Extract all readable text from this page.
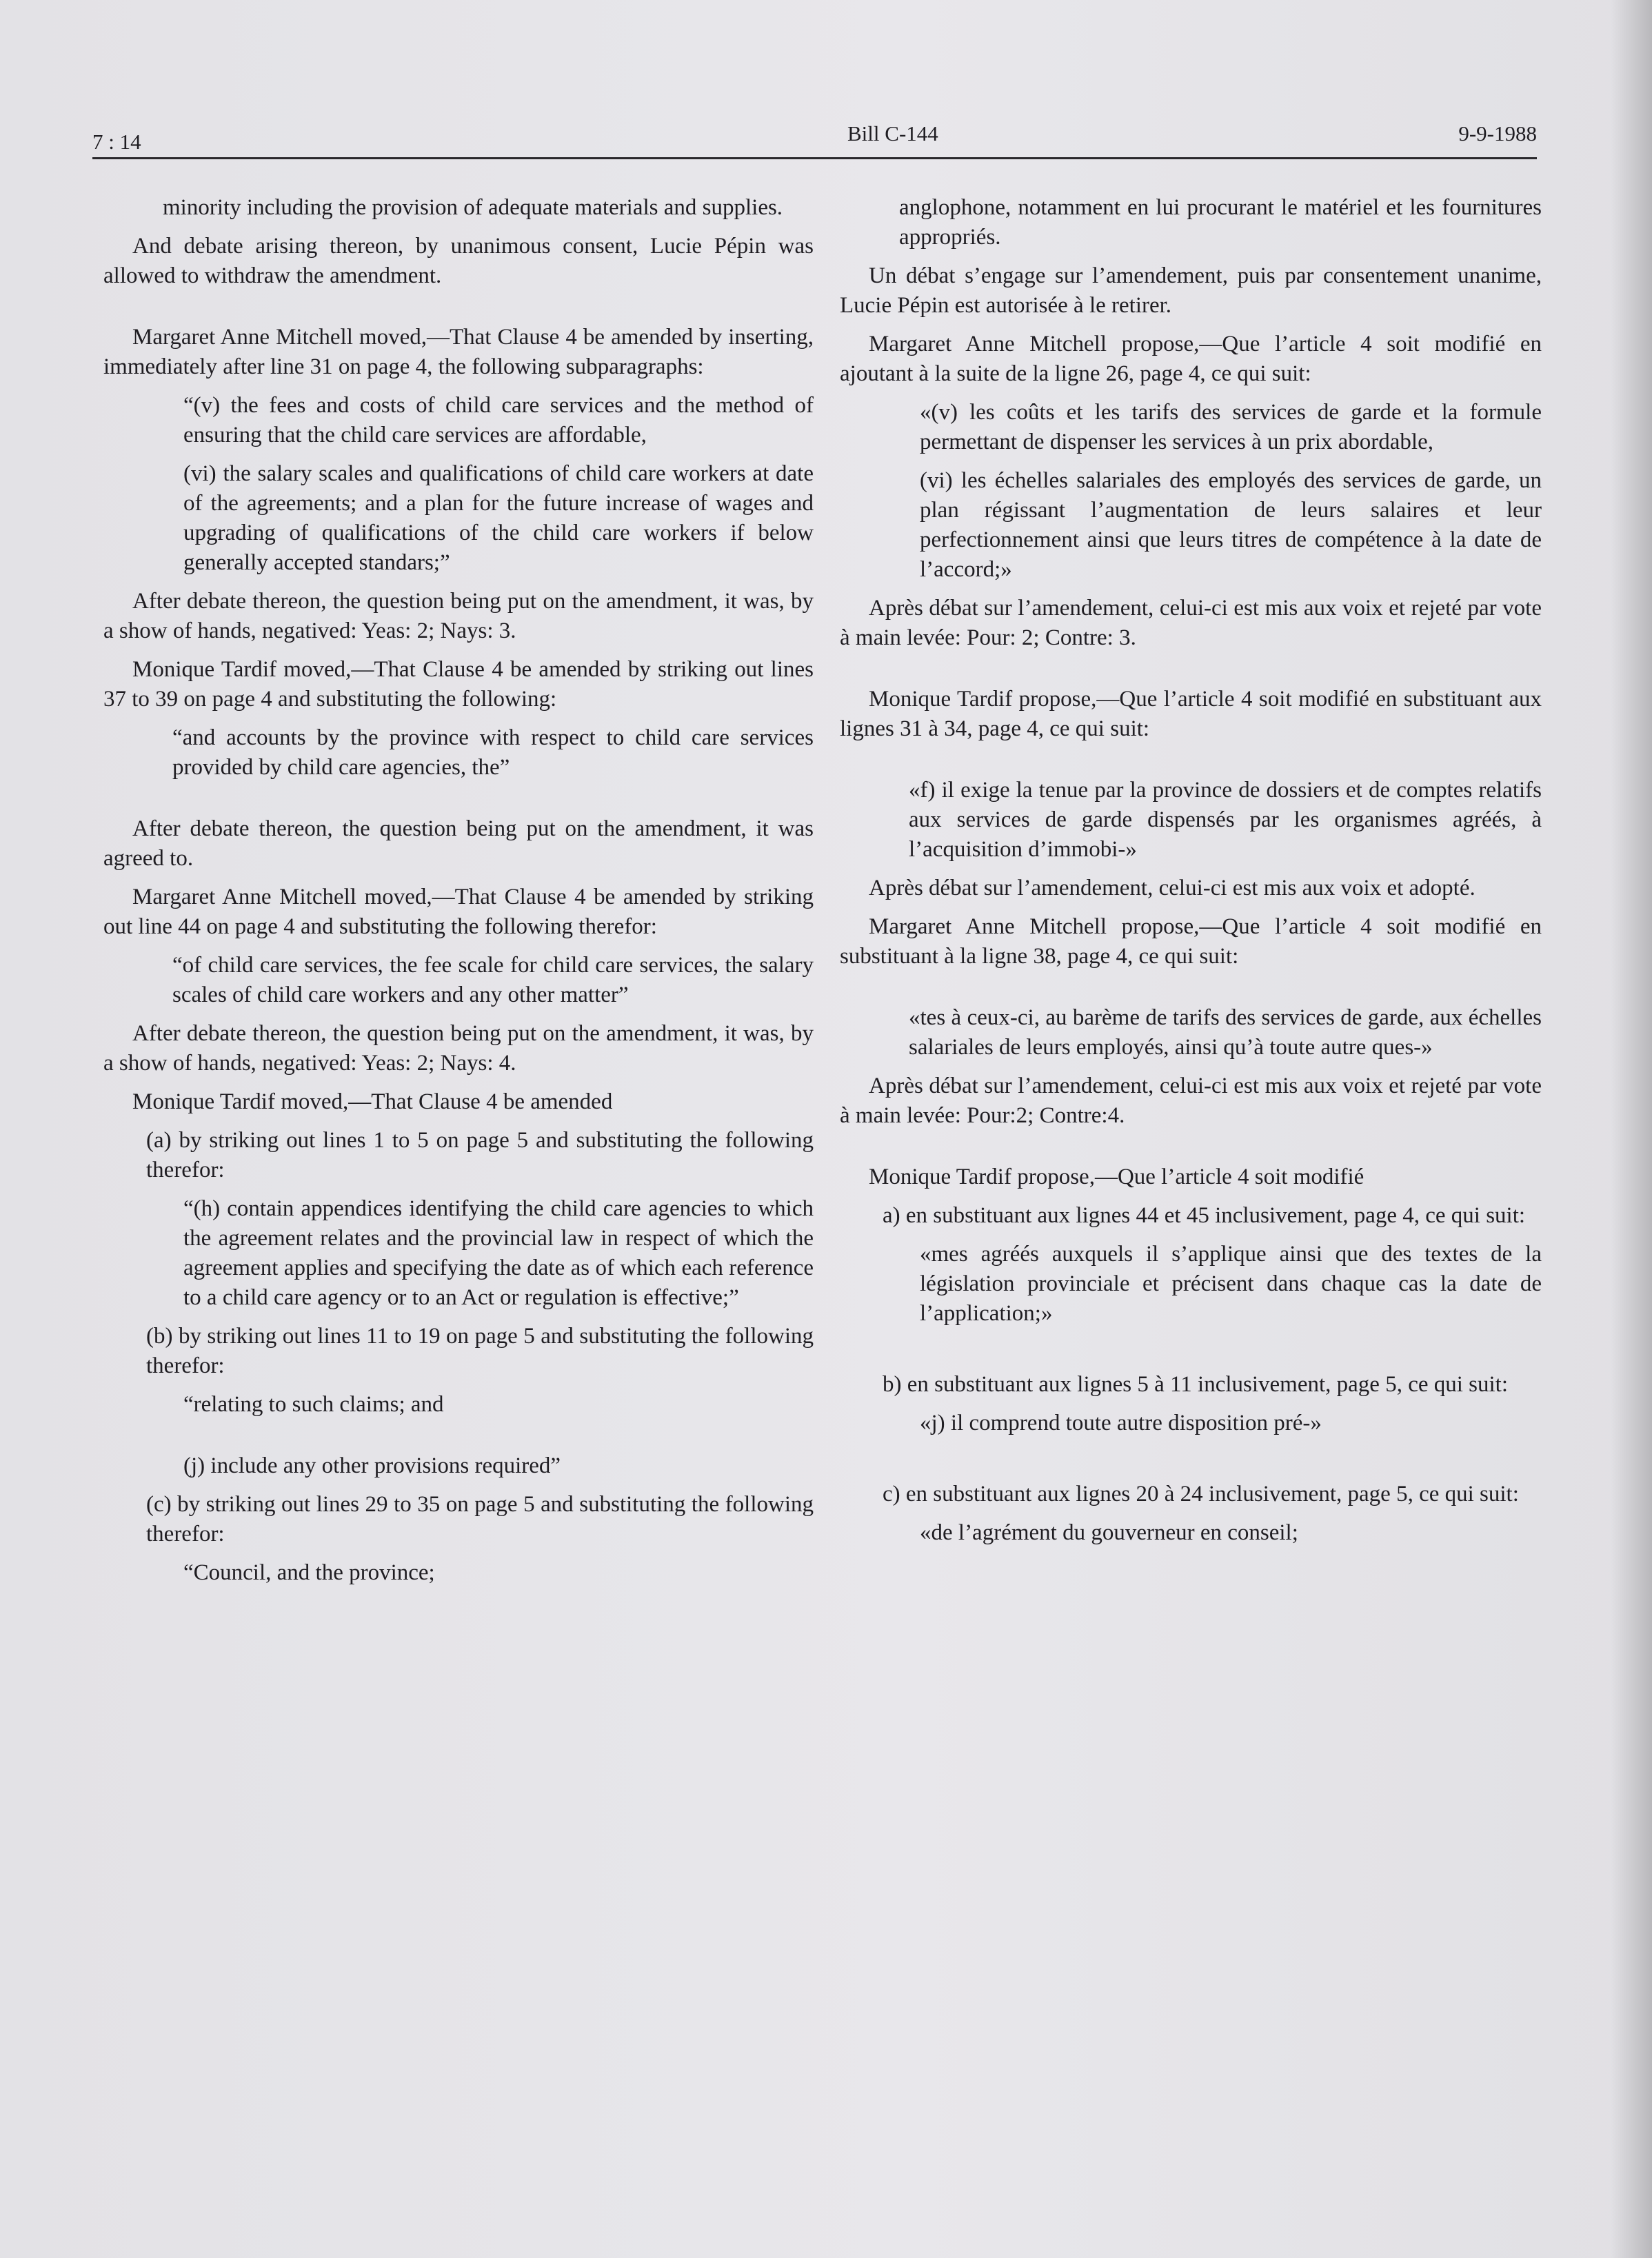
7 : 14	Bill C-144	9-9-1988

minority including the provision of adequate materials and supplies.

And debate arising thereon, by unanimous consent, Lucie Pépin was allowed to withdraw the amendment.

Margaret Anne Mitchell moved,—That Clause 4 be amended by inserting, immediately after line 31 on page 4, the following subparagraphs:

“(v) the fees and costs of child care services and the method of ensuring that the child care services are affordable,

(vi) the salary scales and qualifications of child care workers at date of the agreements; and a plan for the future increase of wages and upgrading of qualifications of the child care workers if below generally accepted standars;”

After debate thereon, the question being put on the amendment, it was, by a show of hands, negatived: Yeas: 2; Nays: 3.

Monique Tardif moved,—That Clause 4 be amended by striking out lines 37 to 39 on page 4 and substituting the following:

“and accounts by the province with respect to child care services provided by child care agencies, the”

After debate thereon, the question being put on the amendment, it was agreed to.

Margaret Anne Mitchell moved,—That Clause 4 be amended by striking out line 44 on page 4 and substituting the following therefor:

“of child care services, the fee scale for child care services, the salary scales of child care workers and any other matter”

After debate thereon, the question being put on the amendment, it was, by a show of hands, negatived: Yeas: 2; Nays: 4.

Monique Tardif moved,—That Clause 4 be amended

(a) by striking out lines 1 to 5 on page 5 and substituting the following therefor:

“(h) contain appendices identifying the child care agencies to which the agreement relates and the provincial law in respect of which the agreement applies and specifying the date as of which each reference to a child care agency or to an Act or regulation is effective;”

(b) by striking out lines 11 to 19 on page 5 and substituting the following therefor:

“relating to such claims; and

(j) include any other provisions required”

(c) by striking out lines 29 to 35 on page 5 and substituting the following therefor:

“Council, and the province;

anglophone, notamment en lui procurant le matériel et les fournitures appropriés.

Un débat s’engage sur l’amendement, puis par consentement unanime, Lucie Pépin est autorisée à le retirer.

Margaret Anne Mitchell propose,—Que l’article 4 soit modifié en ajoutant à la suite de la ligne 26, page 4, ce qui suit:

«(v) les coûts et les tarifs des services de garde et la formule permettant de dispenser les services à un prix abordable,

(vi) les échelles salariales des employés des services de garde, un plan régissant l’augmentation de leurs salaires et leur perfectionnement ainsi que leurs titres de compétence à la date de l’accord;»

Après débat sur l’amendement, celui-ci est mis aux voix et rejeté par vote à main levée: Pour: 2; Contre: 3.

Monique Tardif propose,—Que l’article 4 soit modifié en substituant aux lignes 31 à 34, page 4, ce qui suit:

«f) il exige la tenue par la province de dossiers et de comptes relatifs aux services de garde dispensés par les organismes agréés, à l’acquisition d’immobi-»

Après débat sur l’amendement, celui-ci est mis aux voix et adopté.

Margaret Anne Mitchell propose,—Que l’article 4 soit modifié en substituant à la ligne 38, page 4, ce qui suit:

«tes à ceux-ci, au barème de tarifs des services de garde, aux échelles salariales de leurs employés, ainsi qu’à toute autre ques-»

Après débat sur l’amendement, celui-ci est mis aux voix et rejeté par vote à main levée: Pour:2; Contre:4.

Monique Tardif propose,—Que l’article 4 soit modifié

a) en substituant aux lignes 44 et 45 inclusivement, page 4, ce qui suit:

«mes agréés auxquels il s’applique ainsi que des textes de la législation provinciale et précisent dans chaque cas la date de l’application;»

b) en substituant aux lignes 5 à 11 inclusivement, page 5, ce qui suit:

«j) il comprend toute autre disposition pré-»

c) en substituant aux lignes 20 à 24 inclusivement, page 5, ce qui suit:

«de l’agrément du gouverneur en conseil;
